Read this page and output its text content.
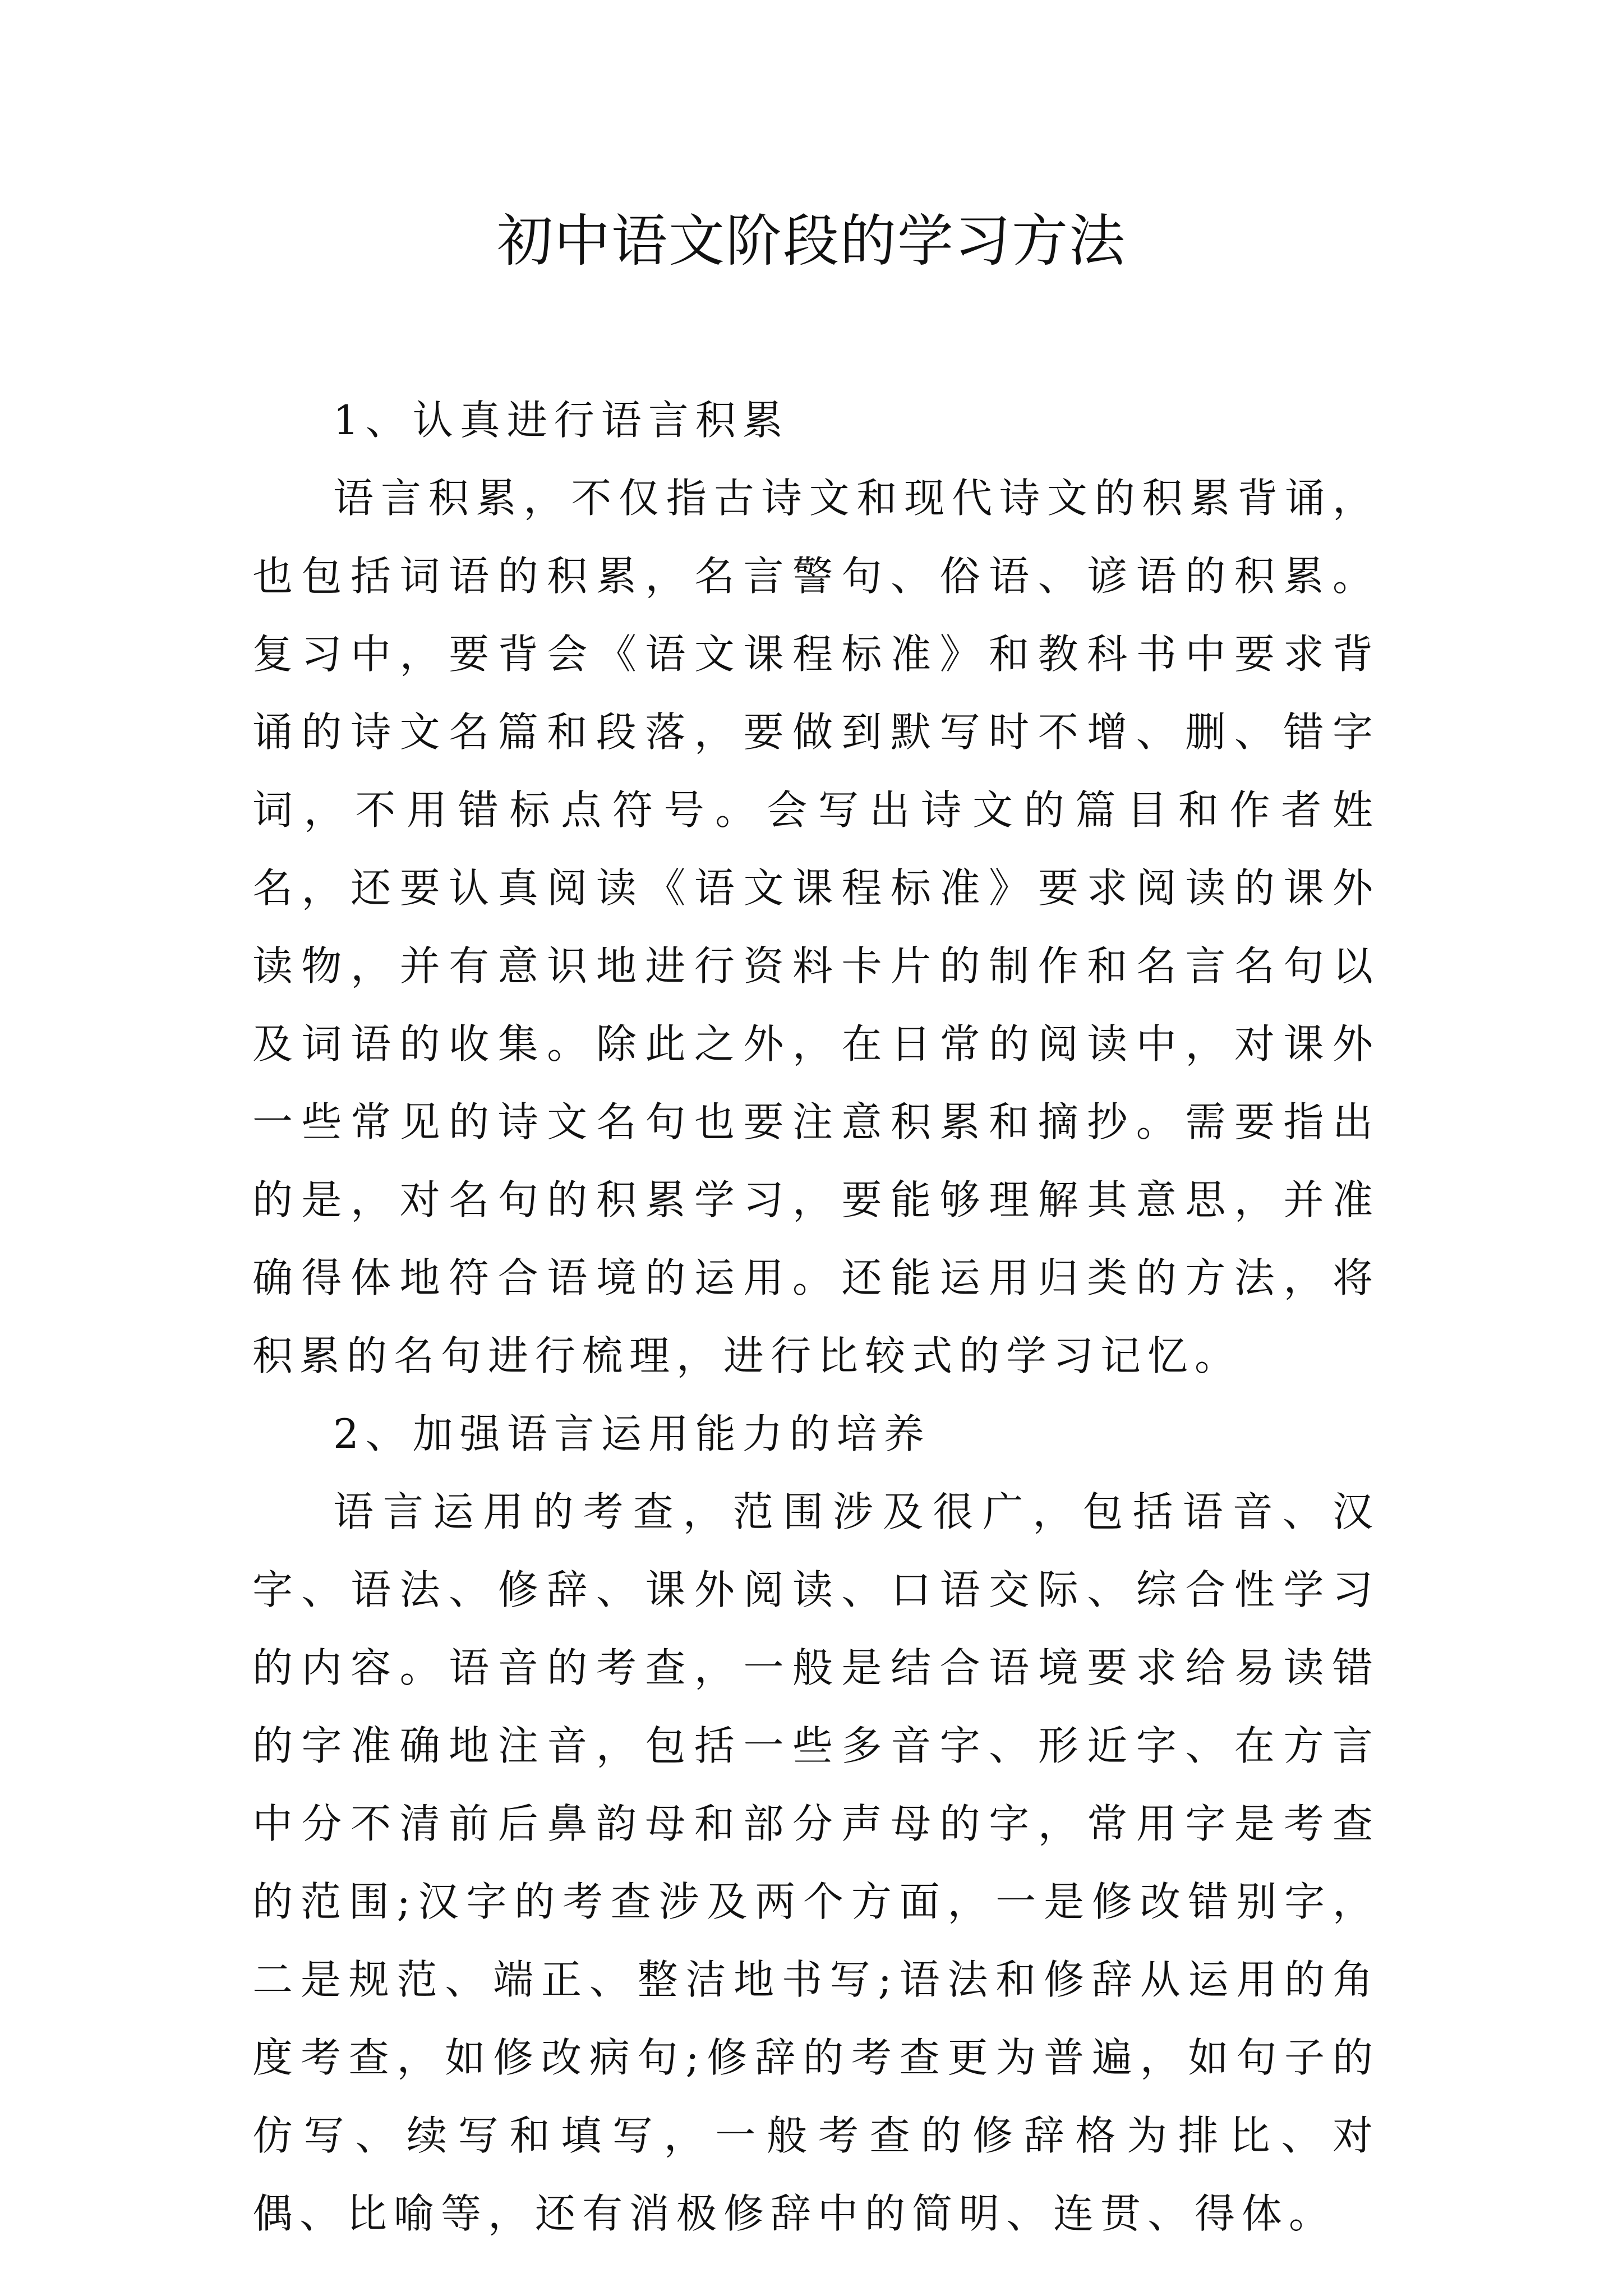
初中语文阶段的学习方法

1、认真进行语言积累

语言积累，不仅指古诗文和现代诗文的积累背诵，也包括词语的积累，名言警句、俗语、谚语的积累。复习中，要背会《语文课程标准》和教科书中要求背诵的诗文名篇和段落，要做到默写时不增、删、错字词，不用错标点符号。会写出诗文的篇目和作者姓名，还要认真阅读《语文课程标准》要求阅读的课外读物，并有意识地进行资料卡片的制作和名言名句以及词语的收集。除此之外，在日常的阅读中，对课外一些常见的诗文名句也要注意积累和摘抄。需要指出的是，对名句的积累学习，要能够理解其意思，并准确得体地符合语境的运用。还能运用归类的方法，将积累的名句进行梳理，进行比较式的学习记忆。

2、加强语言运用能力的培养

语言运用的考查，范围涉及很广，包括语音、汉字、语法、修辞、课外阅读、口语交际、综合性学习的内容。语音的考查，一般是结合语境要求给易读错的字准确地注音，包括一些多音字、形近字、在方言中分不清前后鼻韵母和部分声母的字，常用字是考查的范围;汉字的考查涉及两个方面，一是修改错别字，二是规范、端正、整洁地书写;语法和修辞从运用的角度考查，如修改病句;修辞的考查更为普遍，如句子的仿写、续写和填写，一般考查的修辞格为排比、对偶、比喻等，还有消极修辞中的简明、连贯、得体。
